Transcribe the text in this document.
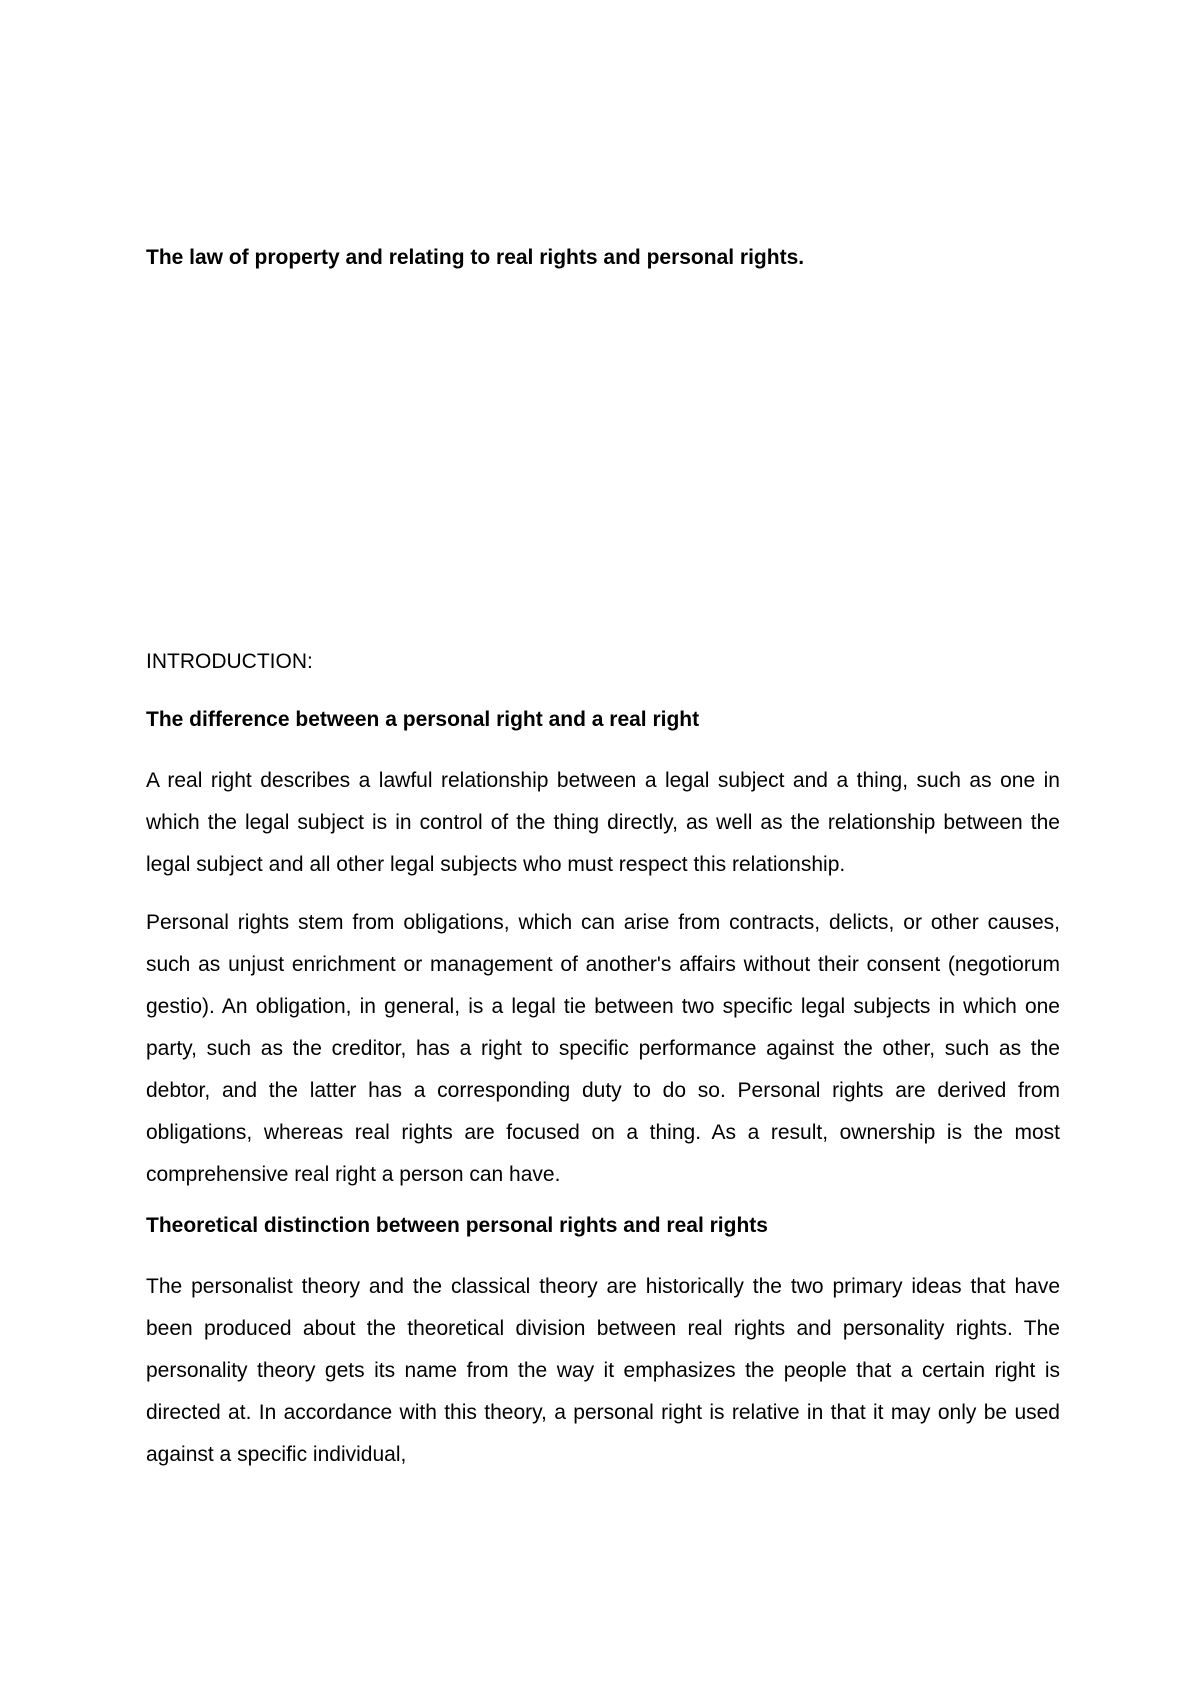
The law of property and relating to real rights and personal rights.
INTRODUCTION:
The difference between a personal right and a real right

A real right describes a lawful relationship between a legal subject and a thing, such as one in which the legal subject is in control of the thing directly, as well as the relationship between the legal subject and all other legal subjects who must respect this relationship.

Personal rights stem from obligations, which can arise from contracts, delicts, or other causes, such as unjust enrichment or management of another's affairs without their consent (negotiorum gestio). An obligation, in general, is a legal tie between two specific legal subjects in which one party, such as the creditor, has a right to specific performance against the other, such as the debtor, and the latter has a corresponding duty to do so. Personal rights are derived from obligations, whereas real rights are focused on a thing. As a result, ownership is the most comprehensive real right a person can have.

Theoretical distinction between personal rights and real rights

The personalist theory and the classical theory are historically the two primary ideas that have been produced about the theoretical division between real rights and personality rights. The personality theory gets its name from the way it emphasizes the people that a certain right is directed at. In accordance with this theory, a personal right is relative in that it may only be used against a specific individual,
